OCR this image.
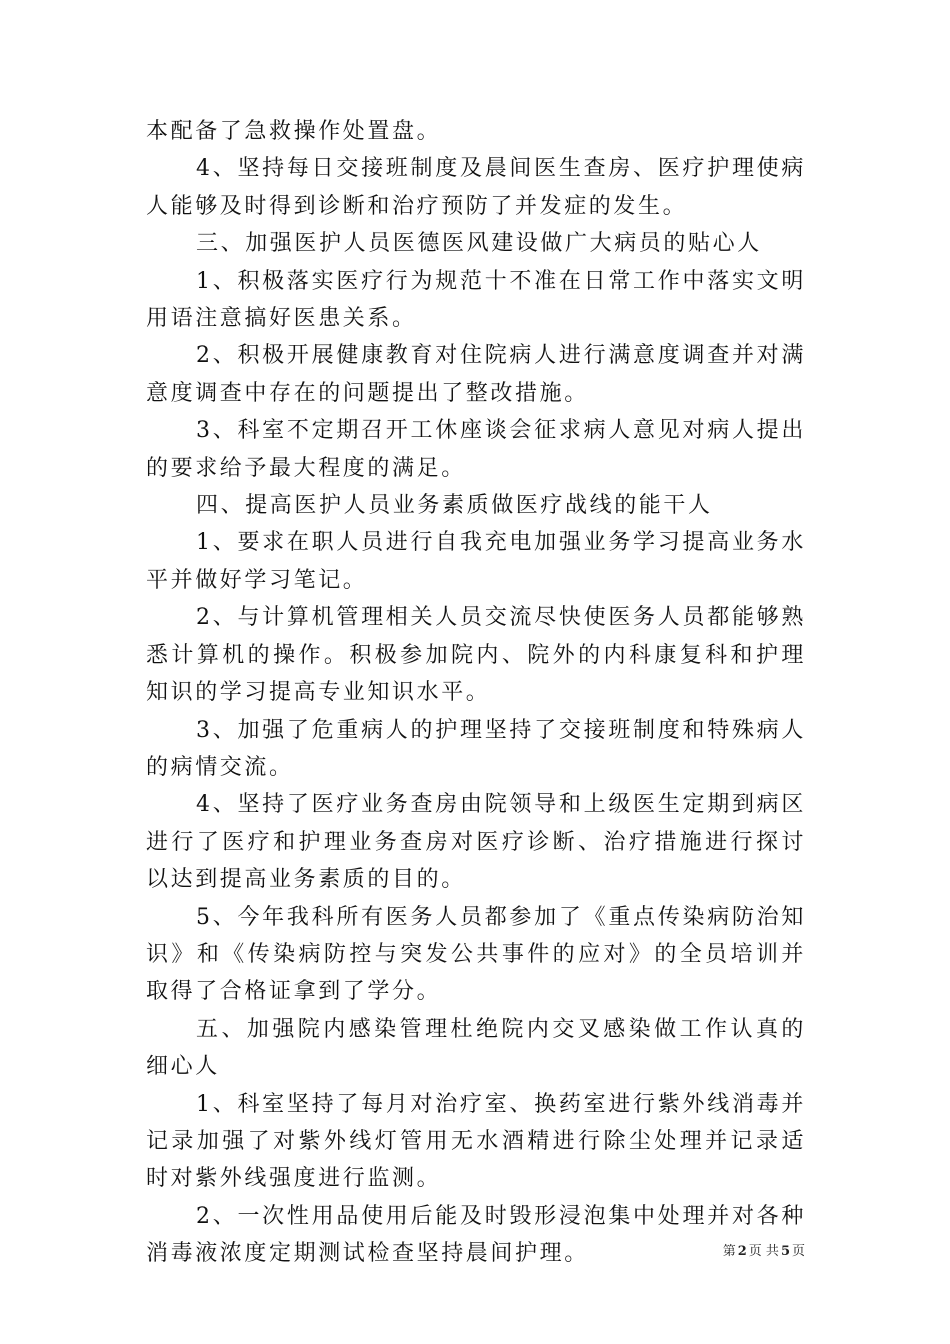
本配备了急救操作处置盘。

4、坚持每日交接班制度及晨间医生查房、医疗护理使病人能够及时得到诊断和治疗预防了并发症的发生。

三、加强医护人员医德医风建设做广大病员的贴心人

1、积极落实医疗行为规范十不准在日常工作中落实文明用语注意搞好医患关系。

2、积极开展健康教育对住院病人进行满意度调查并对满意度调查中存在的问题提出了整改措施。

3、科室不定期召开工休座谈会征求病人意见对病人提出的要求给予最大程度的满足。

四、提高医护人员业务素质做医疗战线的能干人

1、要求在职人员进行自我充电加强业务学习提高业务水平并做好学习笔记。

2、与计算机管理相关人员交流尽快使医务人员都能够熟悉计算机的操作。积极参加院内、院外的内科康复科和护理知识的学习提高专业知识水平。

3、加强了危重病人的护理坚持了交接班制度和特殊病人的病情交流。

4、坚持了医疗业务查房由院领导和上级医生定期到病区进行了医疗和护理业务查房对医疗诊断、治疗措施进行探讨以达到提高业务素质的目的。

5、今年我科所有医务人员都参加了《重点传染病防治知识》和《传染病防控与突发公共事件的应对》的全员培训并取得了合格证拿到了学分。

五、加强院内感染管理杜绝院内交叉感染做工作认真的细心人

1、科室坚持了每月对治疗室、换药室进行紫外线消毒并记录加强了对紫外线灯管用无水酒精进行除尘处理并记录适时对紫外线强度进行监测。

2、一次性用品使用后能及时毁形浸泡集中处理并对各种消毒液浓度定期测试检查坚持晨间护理。	第 2 页 共 5 页
